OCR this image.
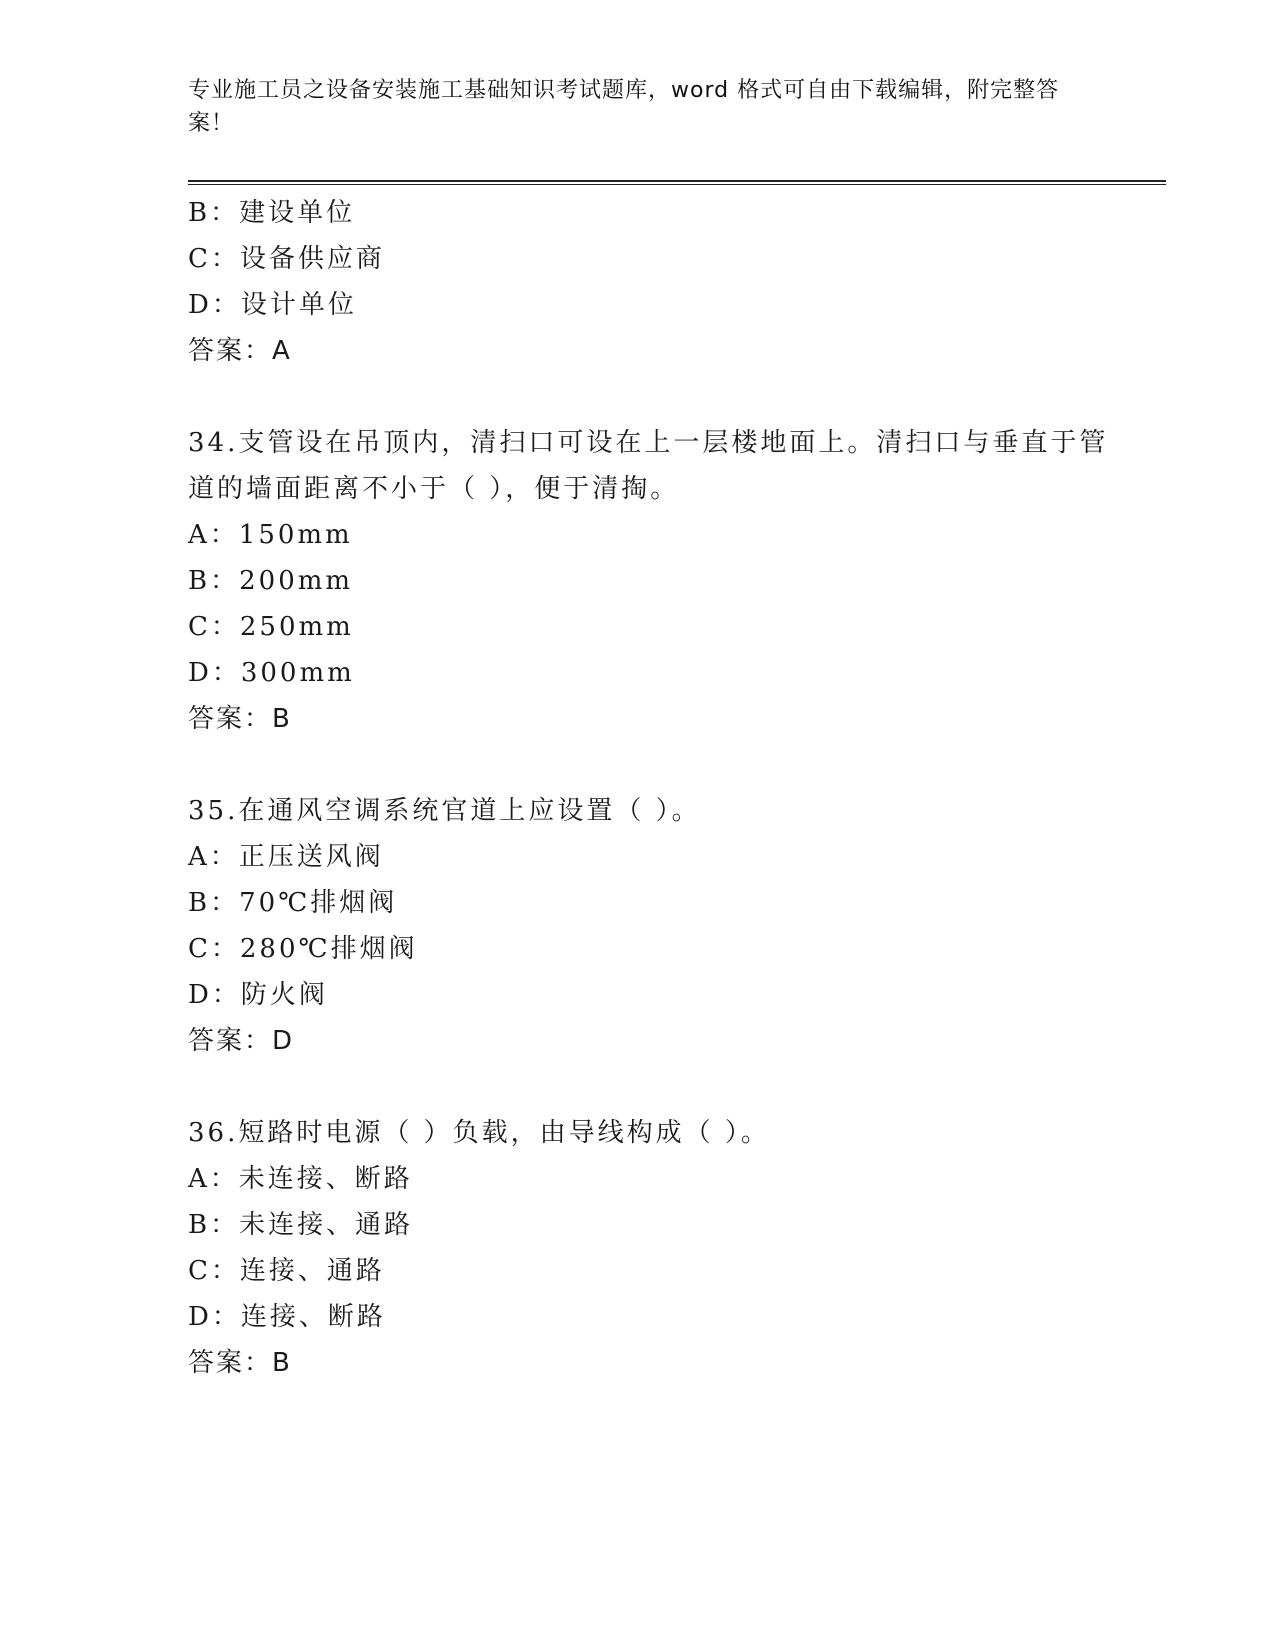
专业施工员之设备安装施工基础知识考试题库，word 格式可自由下载编辑，附完整答案！
B：建设单位
C：设备供应商
D：设计单位
答案：A
34.支管设在吊顶内，清扫口可设在上一层楼地面上。清扫口与垂直于管道的墙面距离不小于（ ），便于清掏。
A：150mm
B：200mm
C：250mm
D：300mm
答案：B
35.在通风空调系统官道上应设置（ ）。
A：正压送风阀
B：70℃排烟阀
C：280℃排烟阀
D：防火阀
答案：D
36.短路时电源（ ）负载，由导线构成（ ）。
A：未连接、断路
B：未连接、通路
C：连接、通路
D：连接、断路
答案：B
